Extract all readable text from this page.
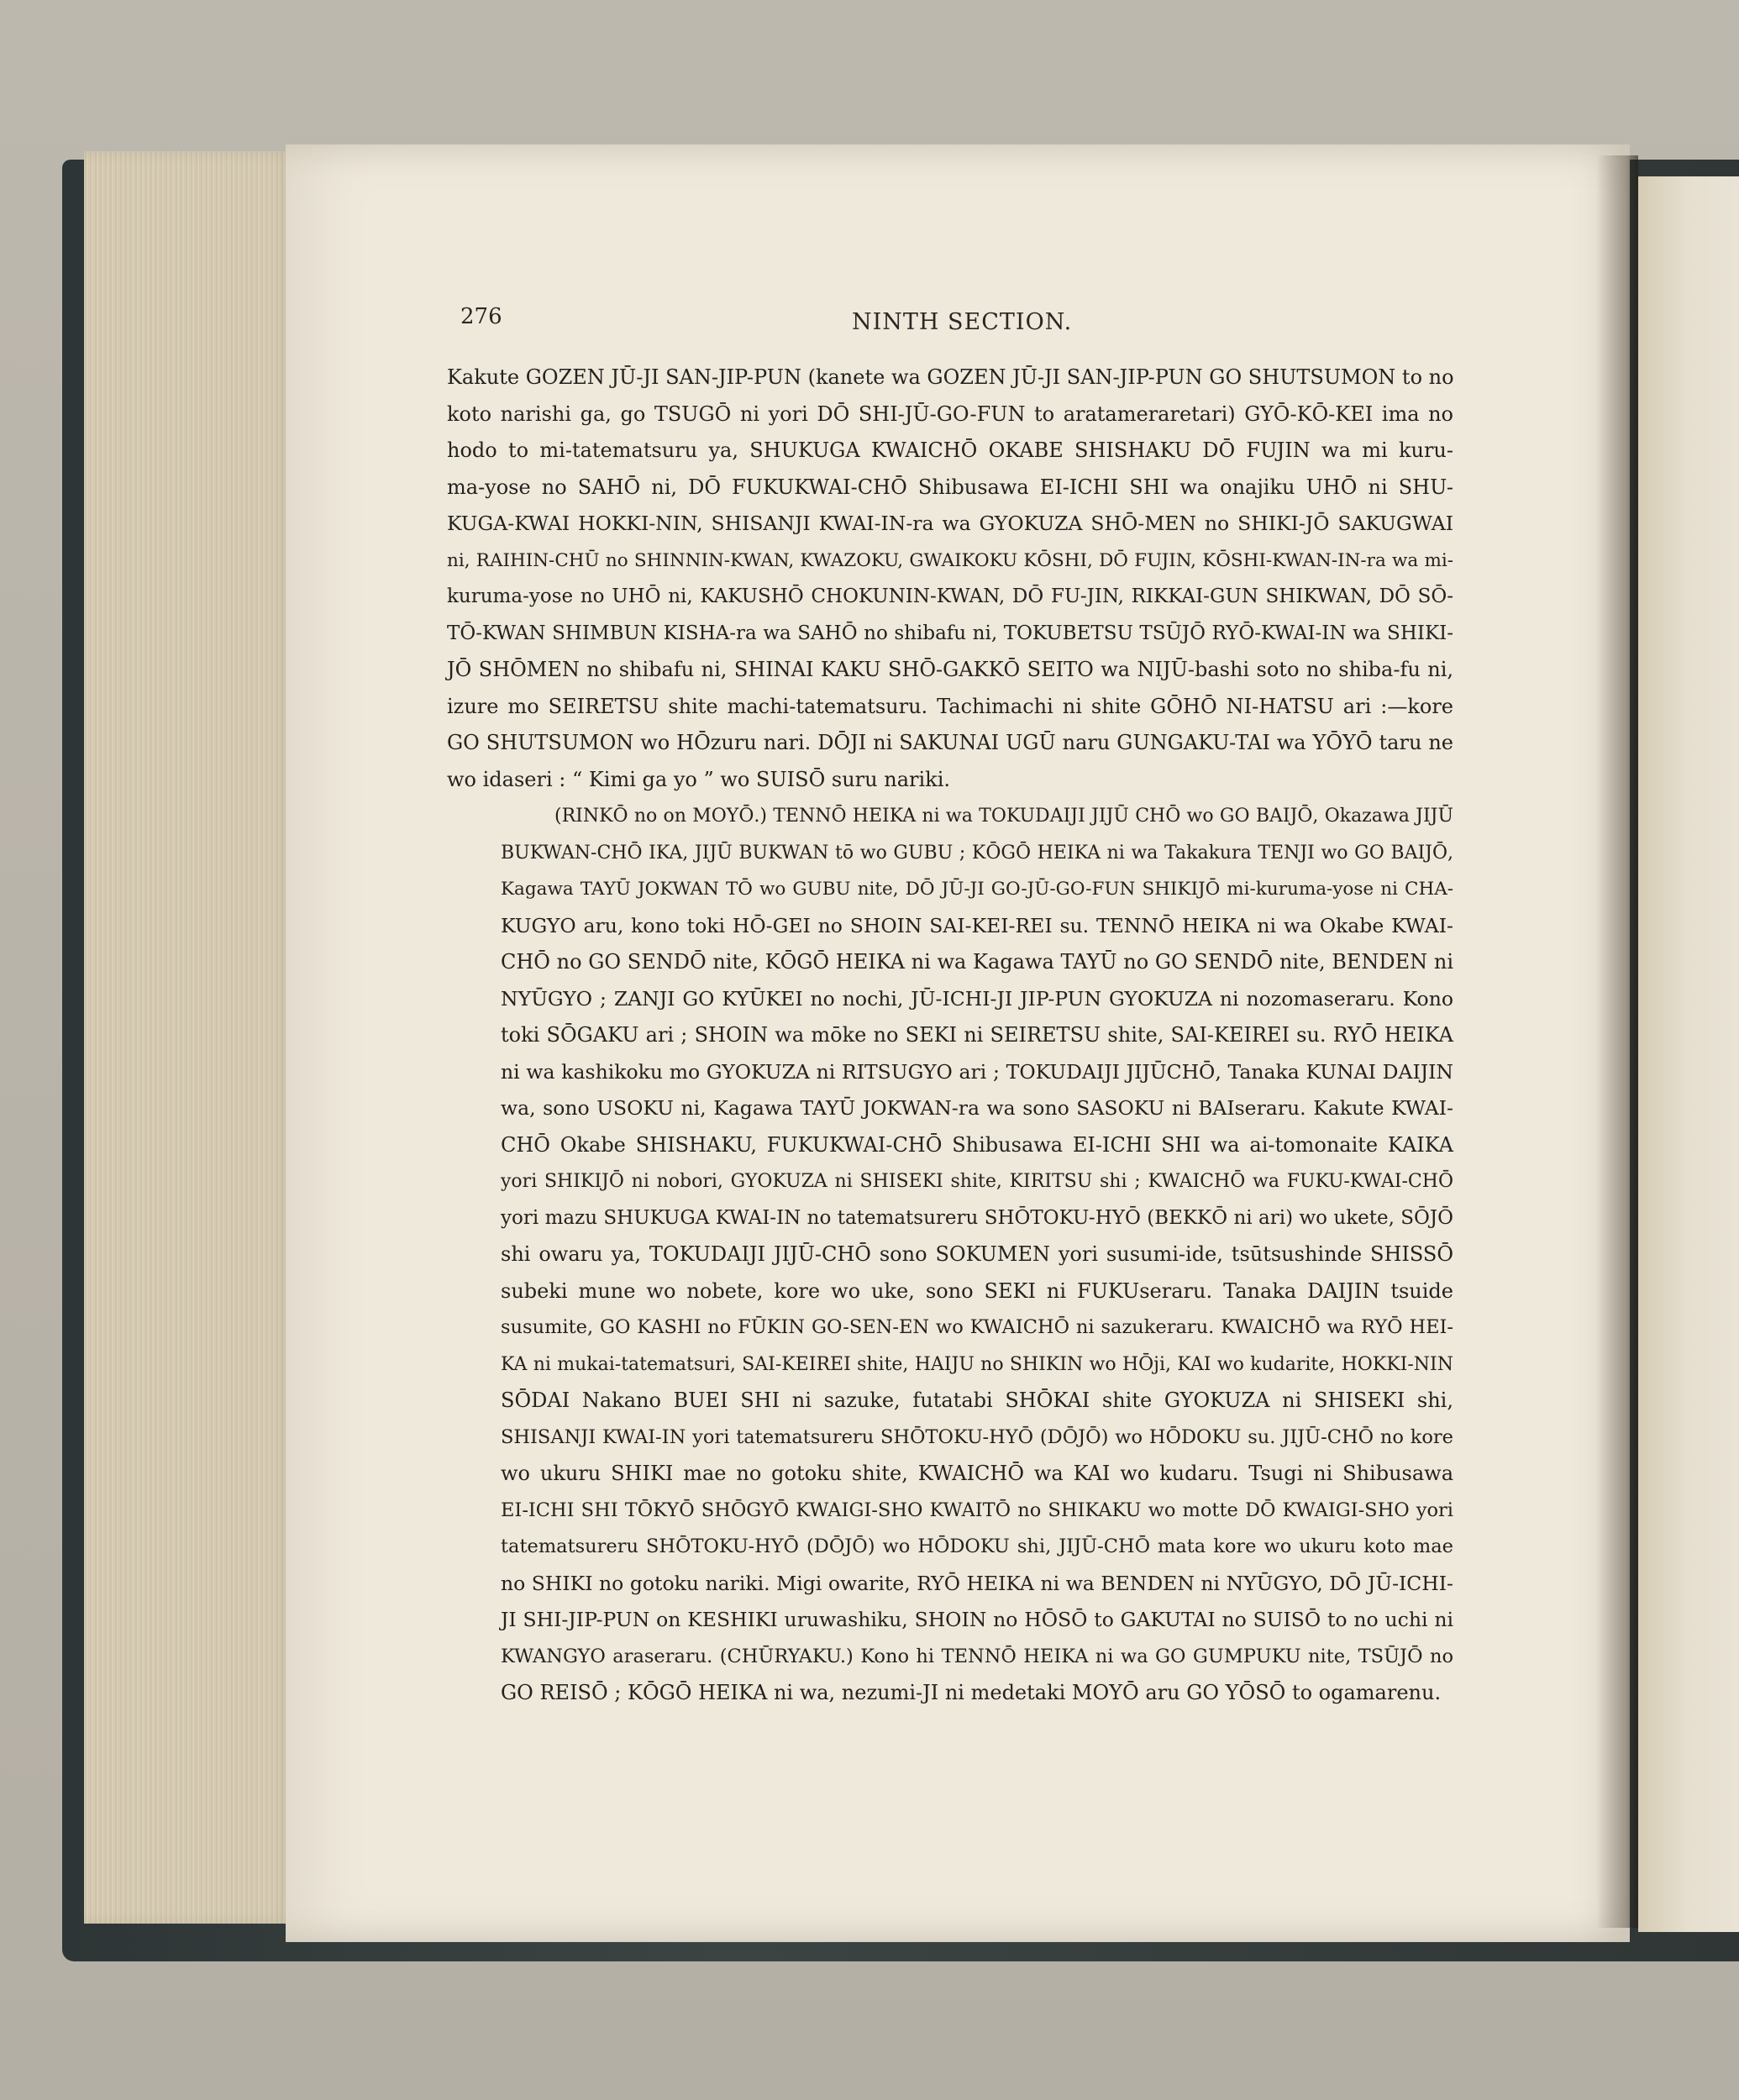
276	NINTH SECTION.

Kakute GOZEN JŪ-JI SAN-JIP-PUN (kanete wa GOZEN JŪ-JI SAN-JIP-PUN GO SHUTSUMON to no
koto narishi ga, go TSUGŌ ni yori DŌ SHI-JŪ-GO-FUN to aratameraretari) GYŌ-KŌ-KEI ima no
hodo to mi-tatematsuru ya, SHUKUGA KWAICHŌ OKABE SHISHAKU DŌ FUJIN wa mi kuru-
ma-yose no SAHŌ ni, DŌ FUKUKWAI-CHŌ Shibusawa EI-ICHI SHI wa onajiku UHŌ ni SHU-
KUGA-KWAI HOKKI-NIN, SHISANJI KWAI-IN-ra wa GYOKUZA SHŌ-MEN no SHIKI-JŌ SAKUGWAI
ni, RAIHIN-CHŪ no SHINNIN-KWAN, KWAZOKU, GWAIKOKU KŌSHI, DŌ FUJIN, KŌSHI-KWAN-IN-ra wa mi-
kuruma-yose no UHŌ ni, KAKUSHŌ CHOKUNIN-KWAN, DŌ FU-JIN, RIKKAI-GUN SHIKWAN, DŌ SŌ-
TŌ-KWAN SHIMBUN KISHA-ra wa SAHŌ no shibafu ni, TOKUBETSU TSŪJŌ RYŌ-KWAI-IN wa SHIKI-
JŌ SHŌMEN no shibafu ni, SHINAI KAKU SHŌ-GAKKŌ SEITO wa NIJŪ-bashi soto no shiba-fu ni,
izure mo SEIRETSU shite machi-tatematsuru. Tachimachi ni shite GŌHŌ NI-HATSU ari :—kore
GO SHUTSUMON wo HŌzuru nari. DŌJI ni SAKUNAI UGŪ naru GUNGAKU-TAI wa YŌYŌ taru ne
wo idaseri : “ Kimi ga yo ” wo SUISŌ suru nariki.

(RINKŌ no on MOYŌ.) TENNŌ HEIKA ni wa TOKUDAIJI JIJŪ CHŌ wo GO BAIJŌ, Okazawa JIJŪ
BUKWAN-CHŌ IKA, JIJŪ BUKWAN tō wo GUBU ; KŌGŌ HEIKA ni wa Takakura TENJI wo GO BAIJŌ,
Kagawa TAYŪ JOKWAN TŌ wo GUBU nite, DŌ JŪ-JI GO-JŪ-GO-FUN SHIKIJŌ mi-kuruma-yose ni CHA-
KUGYO aru, kono toki HŌ-GEI no SHOIN SAI-KEI-REI su. TENNŌ HEIKA ni wa Okabe KWAI-
CHŌ no GO SENDŌ nite, KŌGŌ HEIKA ni wa Kagawa TAYŪ no GO SENDŌ nite, BENDEN ni
NYŪGYO ; ZANJI GO KYŪKEI no nochi, JŪ-ICHI-JI JIP-PUN GYOKUZA ni nozomaseraru. Kono
toki SŌGAKU ari ; SHOIN wa mōke no SEKI ni SEIRETSU shite, SAI-KEIREI su. RYŌ HEIKA
ni wa kashikoku mo GYOKUZA ni RITSUGYO ari ; TOKUDAIJI JIJŪCHŌ, Tanaka KUNAI DAIJIN
wa, sono USOKU ni, Kagawa TAYŪ JOKWAN-ra wa sono SASOKU ni BAIseraru. Kakute KWAI-
CHŌ Okabe SHISHAKU, FUKUKWAI-CHŌ Shibusawa EI-ICHI SHI wa ai-tomonaite KAIKA
yori SHIKIJŌ ni nobori, GYOKUZA ni SHISEKI shite, KIRITSU shi ; KWAICHŌ wa FUKU-KWAI-CHŌ
yori mazu SHUKUGA KWAI-IN no tatematsureru SHŌTOKU-HYŌ (BEKKŌ ni ari) wo ukete, SŌJŌ
shi owaru ya, TOKUDAIJI JIJŪ-CHŌ sono SOKUMEN yori susumi-ide, tsūtsushinde SHISSŌ
subeki mune wo nobete, kore wo uke, sono SEKI ni FUKUseraru. Tanaka DAIJIN tsuide
susumite, GO KASHI no FŪKIN GO-SEN-EN wo KWAICHŌ ni sazukeraru. KWAICHŌ wa RYŌ HEI-
KA ni mukai-tatematsuri, SAI-KEIREI shite, HAIJU no SHIKIN wo HŌji, KAI wo kudarite, HOKKI-NIN
SŌDAI Nakano BUEI SHI ni sazuke, futatabi SHŌKAI shite GYOKUZA ni SHISEKI shi,
SHISANJI KWAI-IN yori tatematsureru SHŌTOKU-HYŌ (DŌJŌ) wo HŌDOKU su. JIJŪ-CHŌ no kore
wo ukuru SHIKI mae no gotoku shite, KWAICHŌ wa KAI wo kudaru. Tsugi ni Shibusawa
EI-ICHI SHI TŌKYŌ SHŌGYŌ KWAIGI-SHO KWAITŌ no SHIKAKU wo motte DŌ KWAIGI-SHO yori
tatematsureru SHŌTOKU-HYŌ (DŌJŌ) wo HŌDOKU shi, JIJŪ-CHŌ mata kore wo ukuru koto mae
no SHIKI no gotoku nariki. Migi owarite, RYŌ HEIKA ni wa BENDEN ni NYŪGYO, DŌ JŪ-ICHI-
JI SHI-JIP-PUN on KESHIKI uruwashiku, SHOIN no HŌSŌ to GAKUTAI no SUISŌ to no uchi ni
KWANGYO araseraru. (CHŪRYAKU.) Kono hi TENNŌ HEIKA ni wa GO GUMPUKU nite, TSŪJŌ no
GO REISŌ ; KŌGŌ HEIKA ni wa, nezumi-JI ni medetaki MOYŌ aru GO YŌSŌ to ogamarenu.
